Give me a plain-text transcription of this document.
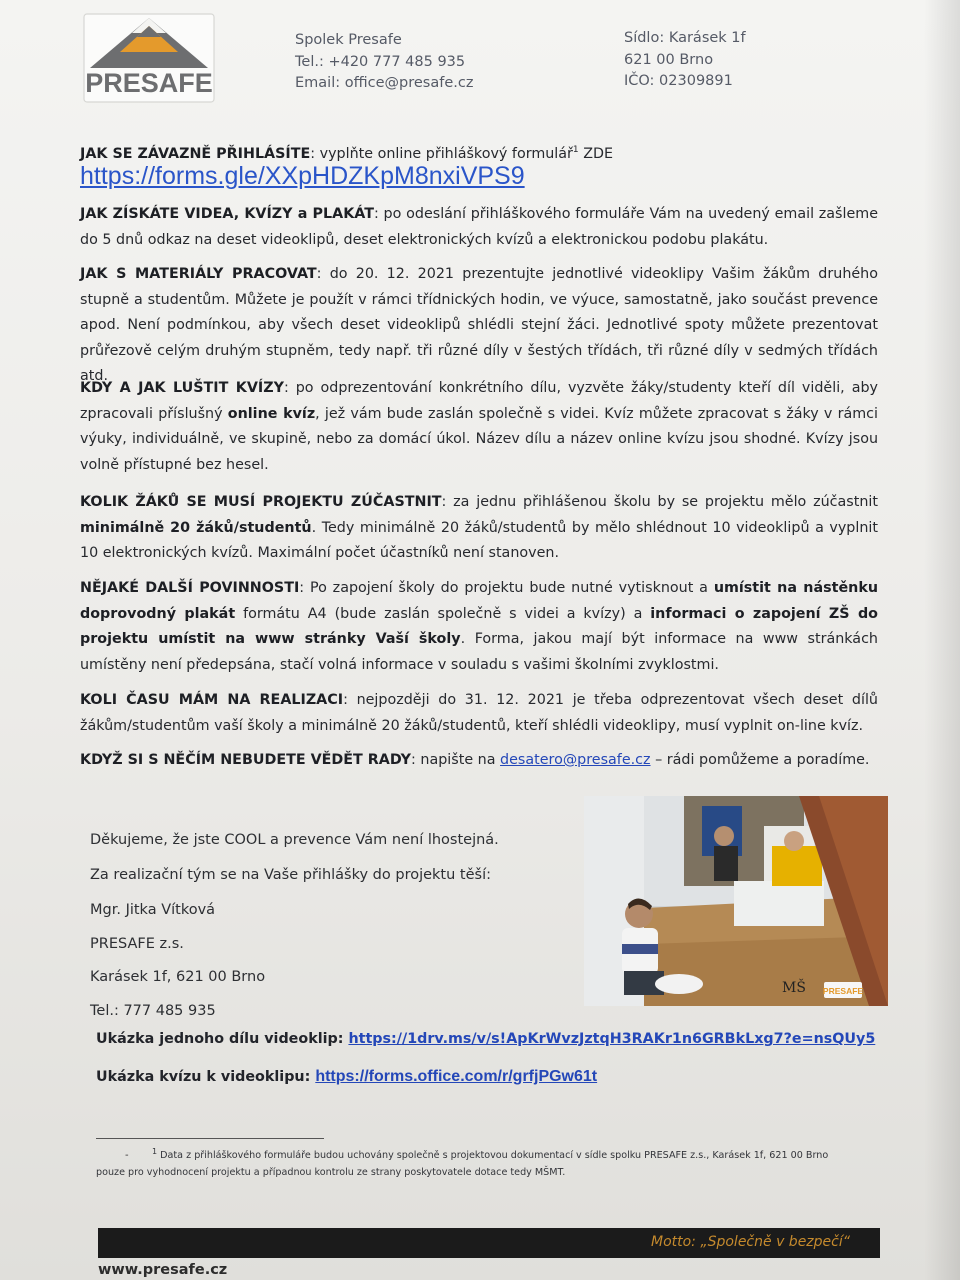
PRESAFE
Spolek Presafe
Tel.: +420 777 485 935
Email: office@presafe.cz
Sídlo: Karásek 1f
621 00 Brno
IČO: 02309891
JAK SE ZÁVAZNĚ PŘIHLÁSÍTE: vyplňte online přihláškový formulář$^1$ ZDE
https://forms.gle/XXpHDZKpM8nxiVPS9
JAK ZÍSKÁTE VIDEA, KVÍZY a PLAKÁT: po odeslání přihláškového formuláře Vám na uvedený email zašleme do 5 dnů odkaz na deset videoklipů, deset elektronických kvízů a elektronickou podobu plakátu.
JAK S MATERIÁLY PRACOVAT: do 20. 12. 2021 prezentujte jednotlivé videoklipy Vašim žákům druhého stupně a studentům. Můžete je použít v rámci třídnických hodin, ve výuce, samostatně, jako součást prevence apod. Není podmínkou, aby všech deset videoklipů shlédli stejní žáci. Jednotlivé spoty můžete prezentovat průřezově celým druhým stupněm, tedy např. tři různé díly v šestých třídách, tři různé díly v sedmých třídách atd.
KDY A JAK LUŠTIT KVÍZY: po odprezentování konkrétního dílu, vyzvěte žáky/studenty kteří díl viděli, aby zpracovali příslušný online kvíz, jež vám bude zaslán společně s videi. Kvíz můžete zpracovat s žáky v rámci výuky, individuálně, ve skupině, nebo za domácí úkol. Název dílu a název online kvízu jsou shodné. Kvízy jsou volně přístupné bez hesel.
KOLIK ŽÁKŮ SE MUSÍ PROJEKTU ZÚČASTNIT: za jednu přihlášenou školu by se projektu mělo zúčastnit minimálně 20 žáků/studentů. Tedy minimálně 20 žáků/studentů by mělo shlédnout 10 videoklipů a vyplnit 10 elektronických kvízů. Maximální počet účastníků není stanoven.
NĚJAKÉ DALŠÍ POVINNOSTI: Po zapojení školy do projektu bude nutné vytisknout a umístit na nástěnku doprovodný plakát formátu A4 (bude zaslán společně s videi a kvízy) a informaci o zapojení ZŠ do projektu umístit na www stránky Vaší školy. Forma, jakou mají být informace na www stránkách umístěny není předepsána, stačí volná informace v souladu s vašimi školními zvyklostmi.
KOLI ČASU MÁM NA REALIZACI: nejpozději do 31. 12. 2021 je třeba odprezentovat všech deset dílů žákům/studentům vaší školy a minimálně 20 žáků/studentů, kteří shlédli videoklipy, musí vyplnit on-line kvíz.
KDYŽ SI S NĚČÍM NEBUDETE VĚDĚT RADY: napište na desatero@presafe.cz – rádi pomůžeme a poradíme.
Děkujeme, že jste COOL a prevence Vám není lhostejná.
Za realizační tým se na Vaše přihlášky do projektu těší:
Mgr. Jitka Vítková
PRESAFE z.s.
Karásek 1f, 621 00 Brno
Tel.: 777 485 935
MŠ PRESAFE
Ukázka jednoho dílu videoklip: https://1drv.ms/v/s!ApKrWvzJztqH3RAKr1n6GRBkLxg7?e=nsQUy5
Ukázka kvízu k videoklipu: https://forms.office.com/r/grfjPGw61t
-	$^1$ Data z přihláškového formuláře budou uchovány společně s projektovou dokumentací v sídle spolku PRESAFE z.s., Karásek 1f, 621 00 Brno
pouze pro vyhodnocení projektu a případnou kontrolu ze strany poskytovatele dotace tedy MŠMT.
Motto: „Společně v bezpečí“
www.presafe.cz
